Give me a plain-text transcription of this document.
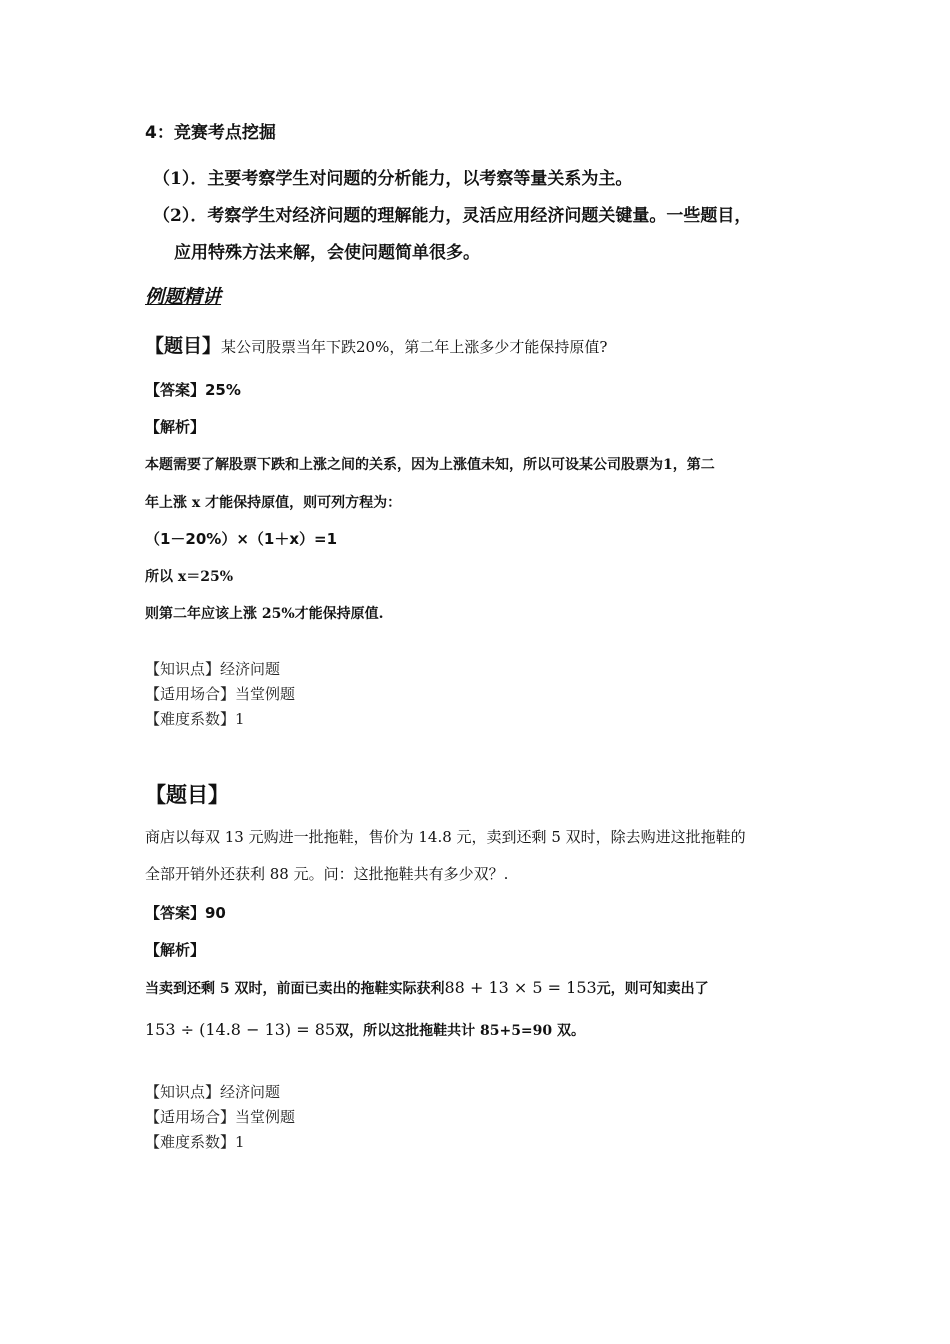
4：竞赛考点挖掘
（1）．主要考察学生对问题的分析能力，以考察等量关系为主。
（2）．考察学生对经济问题的理解能力，灵活应用经济问题关键量。一些题目，
应用特殊方法来解，会使问题简单很多。
例题精讲
【题目】某公司股票当年下跌20%，第二年上涨多少才能保持原值?
【答案】25%
【解析】
本题需要了解股票下跌和上涨之间的关系，因为上涨值未知，所以可设某公司股票为1，第二
年上涨 x 才能保持原值，则可列方程为：
（1－20%）×（1＋x）=1
所以 x＝25%
则第二年应该上涨 25%才能保持原值.
【知识点】经济问题
【适用场合】当堂例题
【难度系数】1
【题目】
商店以每双 13 元购进一批拖鞋，售价为 14.8 元，卖到还剩 5 双时，除去购进这批拖鞋的
全部开销外还获利 88 元。问：这批拖鞋共有多少双？.
【答案】90
【解析】
当卖到还剩 5 双时，前面已卖出的拖鞋实际获利88 + 13 × 5 = 153元，则可知卖出了
153 ÷ (14.8 − 13) = 85双，所以这批拖鞋共计 85+5=90 双。
【知识点】经济问题
【适用场合】当堂例题
【难度系数】1
